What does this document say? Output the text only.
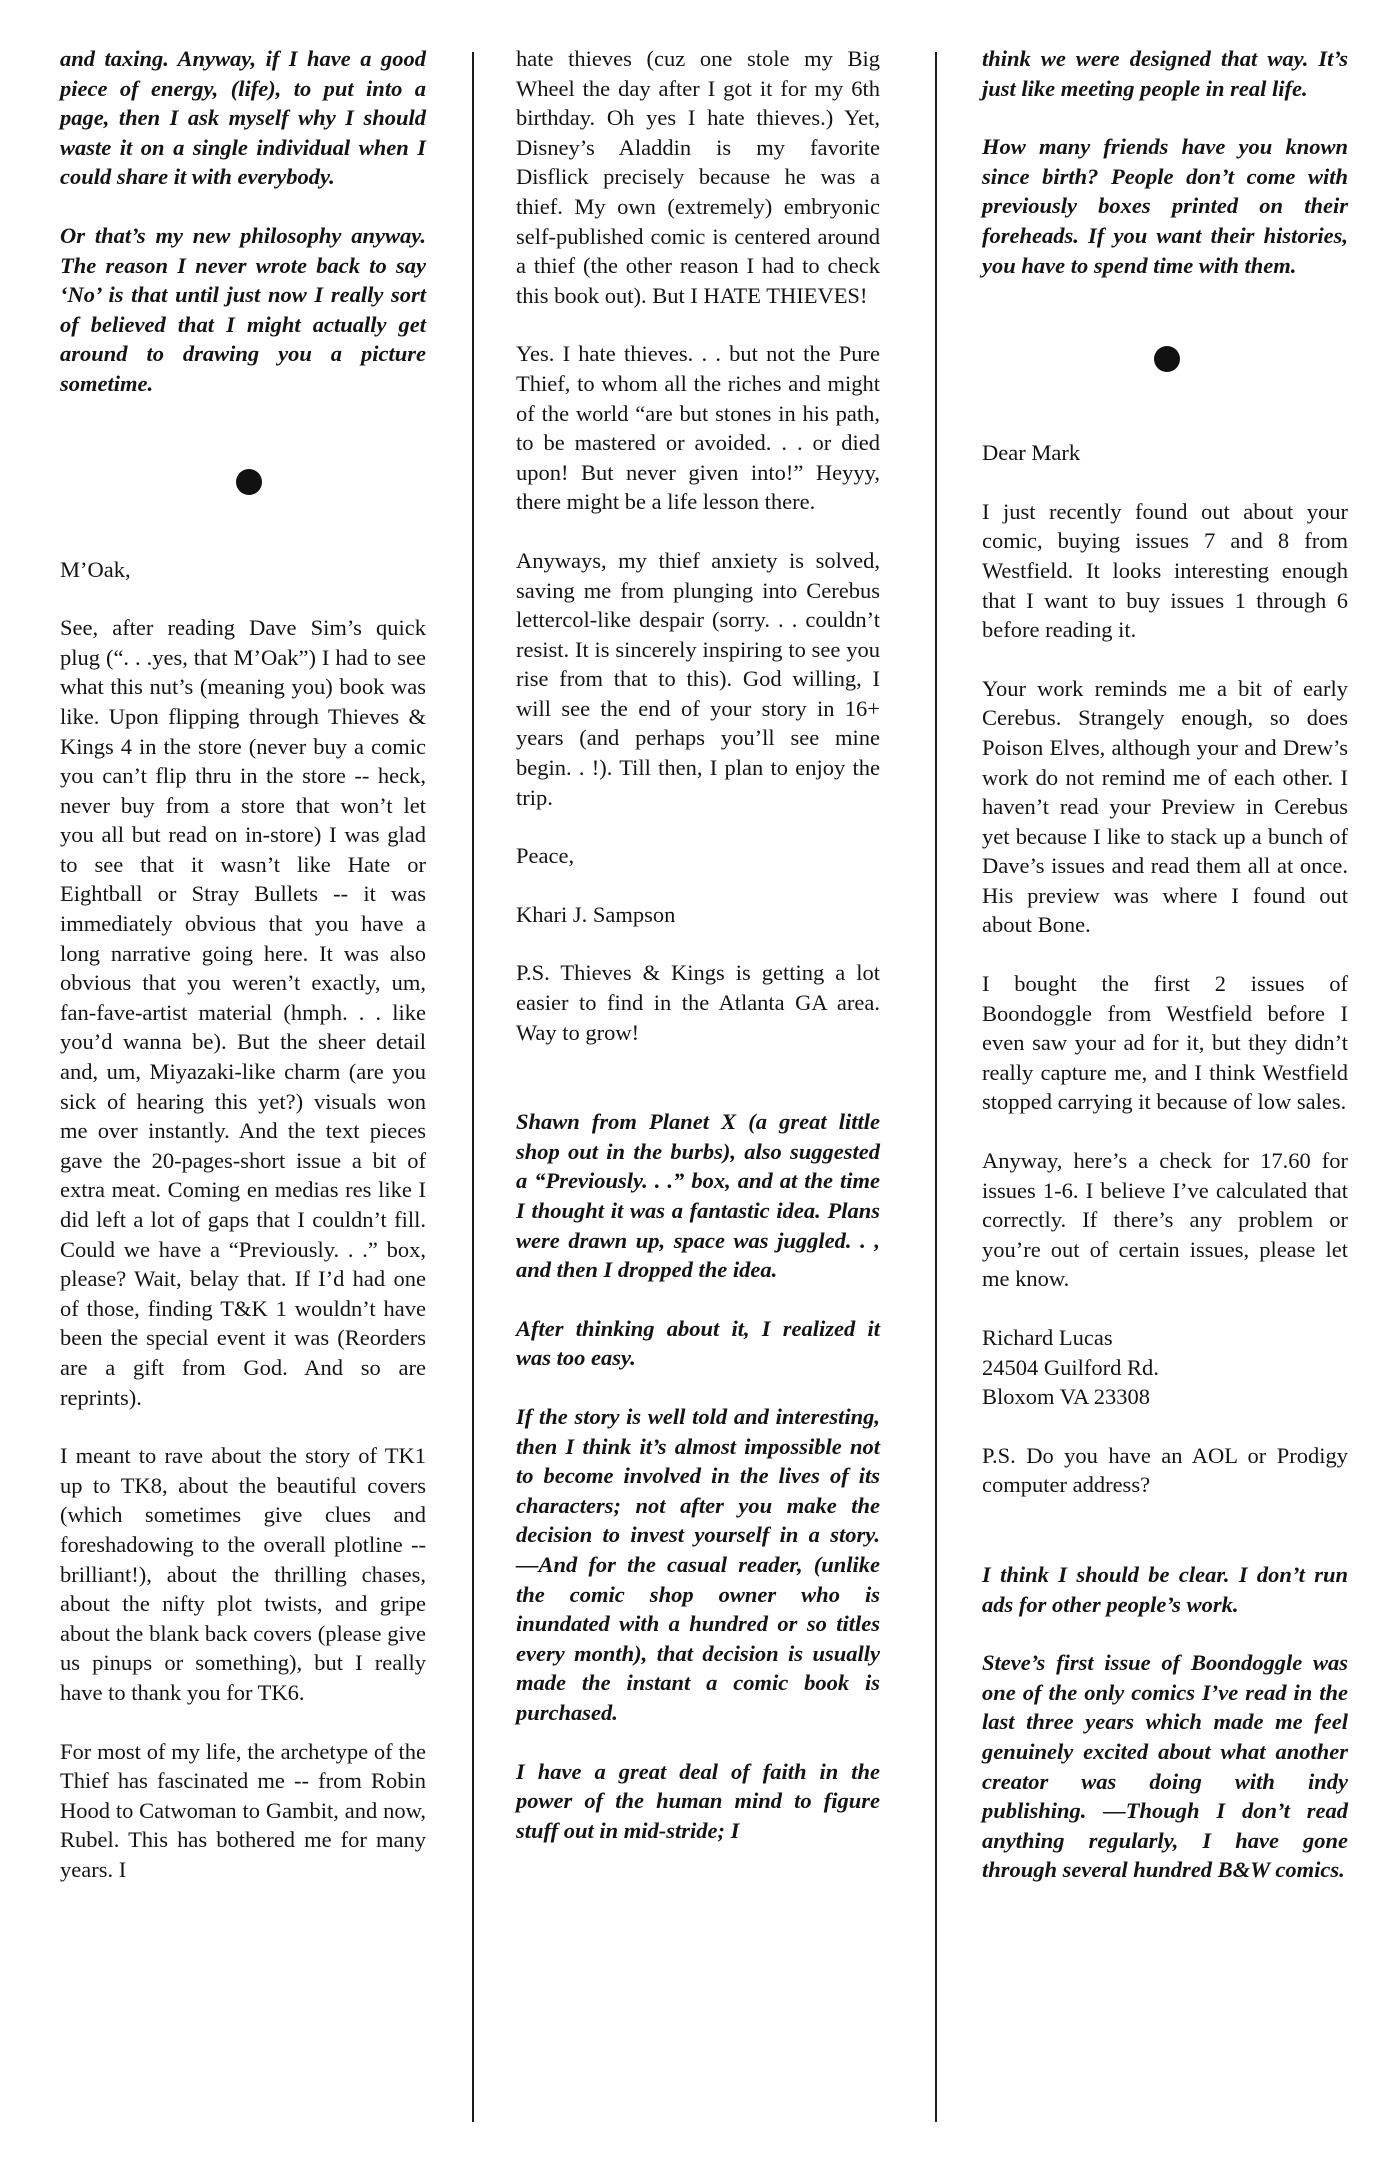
and taxing. Anyway, if I have a good piece of energy, (life), to put into a page, then I ask myself why I should waste it on a single individual when I could share it with everybody.

Or that’s my new philosophy anyway. The reason I never wrote back to say ‘No’ is that until just now I really sort of believed that I might actually get around to drawing you a picture sometime.

M’Oak,

See, after reading Dave Sim’s quick plug (“. . .yes, that M’Oak”) I had to see what this nut’s (meaning you) book was like. Upon flipping through Thieves & Kings 4 in the store (never buy a comic you can’t flip thru in the store -- heck, never buy from a store that won’t let you all but read on in-store) I was glad to see that it wasn’t like Hate or Eightball or Stray Bullets -- it was immediately obvious that you have a long narrative going here. It was also obvious that you weren’t exactly, um, fan-fave-artist material (hmph. . . like you’d wanna be). But the sheer detail and, um, Miyazaki-like charm (are you sick of hearing this yet?) visuals won me over instantly. And the text pieces gave the 20-pages-short issue a bit of extra meat. Coming en medias res like I did left a lot of gaps that I couldn’t fill. Could we have a “Previously. . .” box, please? Wait, belay that. If I’d had one of those, finding T&K 1 wouldn’t have been the special event it was (Reorders are a gift from God. And so are reprints).

I meant to rave about the story of TK1 up to TK8, about the beautiful covers (which sometimes give clues and foreshadowing to the overall plotline -- brilliant!), about the thrilling chases, about the nifty plot twists, and gripe about the blank back covers (please give us pinups or something), but I really have to thank you for TK6.

For most of my life, the archetype of the Thief has fascinated me -- from Robin Hood to Catwoman to Gambit, and now, Rubel. This has bothered me for many years. I

hate thieves (cuz one stole my Big Wheel the day after I got it for my 6th birthday. Oh yes I hate thieves.) Yet, Disney’s Aladdin is my favorite Disflick precisely because he was a thief. My own (extremely) embryonic self-published comic is centered around a thief (the other reason I had to check this book out). But I HATE THIEVES!

Yes. I hate thieves. . . but not the Pure Thief, to whom all the riches and might of the world “are but stones in his path, to be mastered or avoided. . . or died upon! But never given into!” Heyyy, there might be a life lesson there.

Anyways, my thief anxiety is solved, saving me from plunging into Cerebus lettercol-like despair (sorry. . . couldn’t resist. It is sincerely inspiring to see you rise from that to this). God willing, I will see the end of your story in 16+ years (and perhaps you’ll see mine begin. . !). Till then, I plan to enjoy the trip.

Peace,

Khari J. Sampson

P.S. Thieves & Kings is getting a lot easier to find in the Atlanta GA area. Way to grow!

Shawn from Planet X (a great little shop out in the burbs), also suggested a “Previously. . .” box, and at the time I thought it was a fantastic idea. Plans were drawn up, space was juggled. . , and then I dropped the idea.

After thinking about it, I realized it was too easy.

If the story is well told and interesting, then I think it’s almost impossible not to become involved in the lives of its characters; not after you make the decision to invest yourself in a story. —And for the casual reader, (unlike the comic shop owner who is inundated with a hundred or so titles every month), that decision is usually made the instant a comic book is purchased.

I have a great deal of faith in the power of the human mind to figure stuff out in mid-stride; I

think we were designed that way. It’s just like meeting people in real life.

How many friends have you known since birth? People don’t come with previously boxes printed on their foreheads. If you want their histories, you have to spend time with them.

Dear Mark

I just recently found out about your comic, buying issues 7 and 8 from Westfield. It looks interesting enough that I want to buy issues 1 through 6 before reading it.

Your work reminds me a bit of early Cerebus. Strangely enough, so does Poison Elves, although your and Drew’s work do not remind me of each other. I haven’t read your Preview in Cerebus yet because I like to stack up a bunch of Dave’s issues and read them all at once. His preview was where I found out about Bone.

I bought the first 2 issues of Boondoggle from Westfield before I even saw your ad for it, but they didn’t really capture me, and I think Westfield stopped carrying it because of low sales.

Anyway, here’s a check for 17.60 for issues 1-6. I believe I’ve calculated that correctly. If there’s any problem or you’re out of certain issues, please let me know.

Richard Lucas
24504 Guilford Rd.
Bloxom VA 23308

P.S. Do you have an AOL or Prodigy computer address?

I think I should be clear. I don’t run ads for other people’s work.

Steve’s first issue of Boondoggle was one of the only comics I’ve read in the last three years which made me feel genuinely excited about what another creator was doing with indy publishing. —Though I don’t read anything regularly, I have gone through several hundred B&W comics.
